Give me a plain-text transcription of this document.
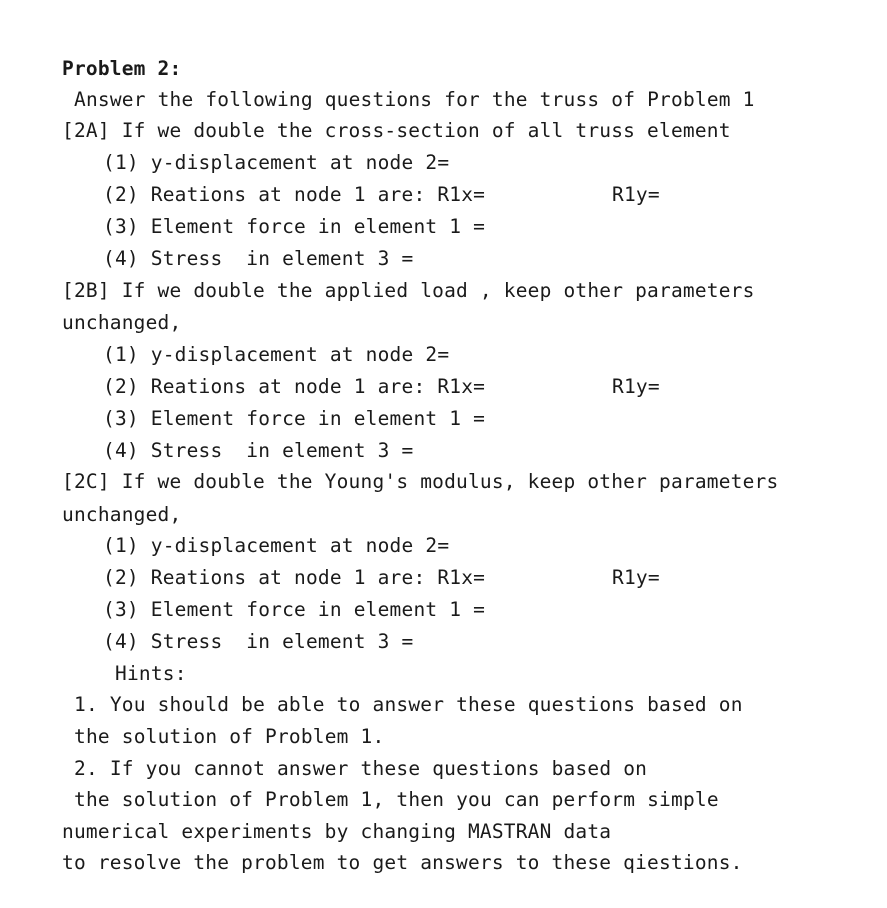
Problem 2:
Answer the following questions for the truss of Problem 1
[2A] If we double the cross-section of all truss element
(1) y-displacement at node 2=
(2) Reations at node 1 are: R1x=	R1y=
(3) Element force in element 1 =
(4) Stress  in element 3 =
[2B] If we double the applied load , keep other parameters
unchanged,
(1) y-displacement at node 2=
(2) Reations at node 1 are: R1x=	R1y=
(3) Element force in element 1 =
(4) Stress  in element 3 =
[2C] If we double the Young's modulus, keep other parameters
unchanged,
(1) y-displacement at node 2=
(2) Reations at node 1 are: R1x=	R1y=
(3) Element force in element 1 =
(4) Stress  in element 3 =
Hints:
1. You should be able to answer these questions based on
the solution of Problem 1.
2. If you cannot answer these questions based on
the solution of Problem 1, then you can perform simple
numerical experiments by changing MASTRAN data
to resolve the problem to get answers to these qiestions.
